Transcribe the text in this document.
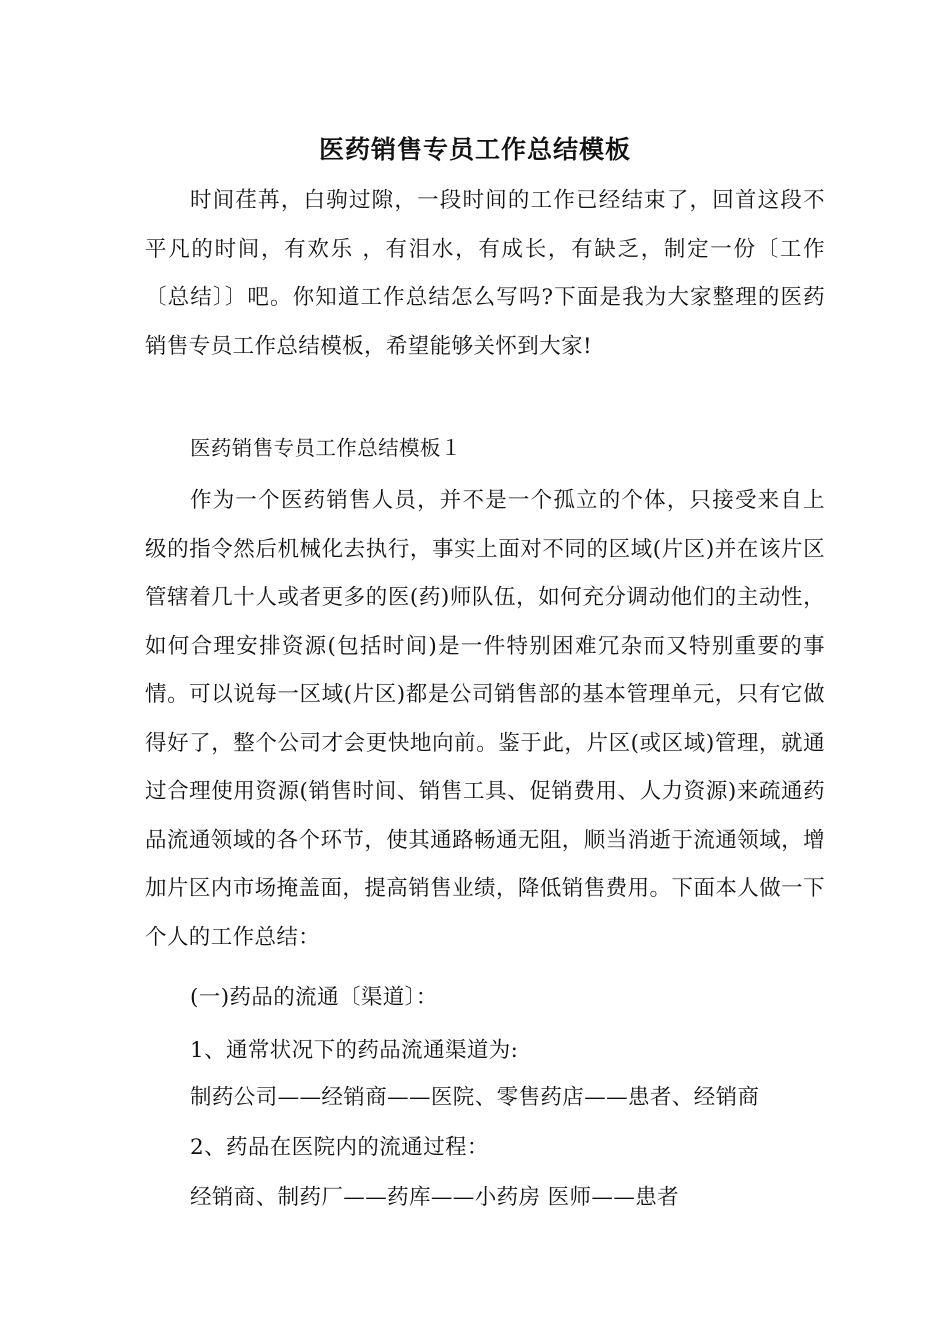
医药销售专员工作总结模板

时间荏苒，白驹过隙，一段时间的工作已经结束了，回首这段不平凡的时间，有欢乐 ，有泪水，有成长，有缺乏，制定一份〔工作〔总结〕〕吧。你知道工作总结怎么写吗?下面是我为大家整理的医药销售专员工作总结模板，希望能够关怀到大家!

医药销售专员工作总结模板１

作为一个医药销售人员，并不是一个孤立的个体，只接受来自上级的指令然后机械化去执行，事实上面对不同的区域(片区)并在该片区管辖着几十人或者更多的医(药)师队伍，如何充分调动他们的主动性，如何合理安排资源(包括时间)是一件特别困难冗杂而又特别重要的事情。可以说每一区域(片区)都是公司销售部的基本管理单元，只有它做得好了，整个公司才会更快地向前。鉴于此，片区(或区域)管理，就通过合理使用资源(销售时间、销售工具、促销费用、人力资源)来疏通药品流通领域的各个环节，使其通路畅通无阻，顺当消逝于流通领域，增加片区内市场掩盖面，提高销售业绩，降低销售费用。下面本人做一下个人的工作总结：

(一)药品的流通〔渠道〕：

1、通常状况下的药品流通渠道为:

制药公司——经销商——医院、零售药店——患者、经销商

2、药品在医院内的流通过程：

经销商、制药厂——药库——小药房 医师——患者
